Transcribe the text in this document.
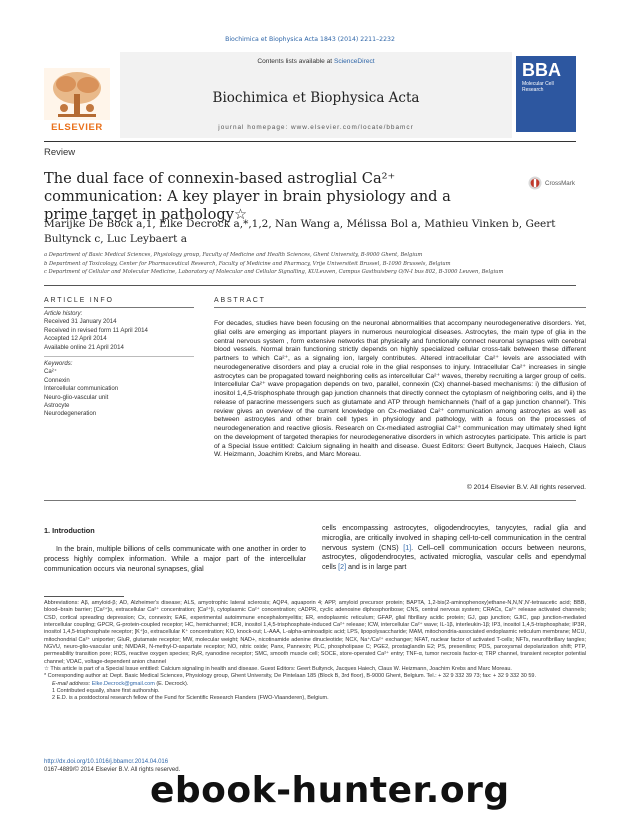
Biochimica et Biophysica Acta 1843 (2014) 2211–2232
Contents lists available at ScienceDirect
Biochimica et Biophysica Acta
journal homepage: www.elsevier.com/locate/bbamcr
ELSEVIER
BBA
Molecular Cell Research
Review
The dual face of connexin-based astroglial Ca²⁺ communication: A key player in brain physiology and a prime target in pathology☆
CrossMark
Marijke De Bock a,1, Elke Decrock a,*,1,2, Nan Wang a, Mélissa Bol a, Mathieu Vinken b, Geert Bultynck c, Luc Leybaert a
a Department of Basic Medical Sciences, Physiology group, Faculty of Medicine and Health Sciences, Ghent University, B-9000 Ghent, Belgium
b Department of Toxicology, Center for Pharmaceutical Research, Faculty of Medicine and Pharmacy, Vrije Universiteit Brussel, B-1090 Brussels, Belgium
c Department of Cellular and Molecular Medicine, Laboratory of Molecular and Cellular Signalling, KULeuven, Campus Gasthuisberg O/N-I bus 802, B-3000 Leuven, Belgium
ARTICLE INFO
Article history:
Received 31 January 2014
Received in revised form 11 April 2014
Accepted 12 April 2014
Available online 21 April 2014
Keywords:
Ca²⁺
Connexin
Intercellular communication
Neuro-glio-vascular unit
Astrocyte
Neurodegeneration
ABSTRACT
For decades, studies have been focusing on the neuronal abnormalities that accompany neurodegenerative disorders. Yet, glial cells are emerging as important players in numerous neurological diseases. Astrocytes, the main type of glia in the central nervous system , form extensive networks that physically and functionally connect neuronal synapses with cerebral blood vessels. Normal brain functioning strictly depends on highly specialized cellular cross-talk between these different partners to which Ca²⁺, as a signaling ion, largely contributes. Altered intracellular Ca²⁺ levels are associated with neurodegenerative disorders and play a crucial role in the glial responses to injury. Intracellular Ca²⁺ increases in single astrocytes can be propagated toward neighboring cells as intercellular Ca²⁺ waves, thereby recruiting a larger group of cells. Intercellular Ca²⁺ wave propagation depends on two, parallel, connexin (Cx) channel-based mechanisms: i) the diffusion of inositol 1,4,5-trisphosphate through gap junction channels that directly connect the cytoplasm of neighboring cells, and ii) the release of paracrine messengers such as glutamate and ATP through hemichannels ('half of a gap junction channel'). This review gives an overview of the current knowledge on Cx-mediated Ca²⁺ communication among astrocytes as well as between astrocytes and other brain cell types in physiology and pathology, with a focus on the processes of neurodegeneration and reactive gliosis. Research on Cx-mediated astroglial Ca²⁺ communication may ultimately shed light on the development of targeted therapies for neurodegenerative disorders in which astrocytes participate. This article is part of a Special Issue entitled: Calcium signaling in health and disease. Guest Editors: Geert Bultynck, Jacques Haiech, Claus W. Heizmann, Joachim Krebs, and Marc Moreau.
© 2014 Elsevier B.V. All rights reserved.
1. Introduction
In the brain, multiple billions of cells communicate with one another in order to process highly complex information. While a major part of the intercellular communication occurs via neuronal synapses, glial
cells encompassing astrocytes, oligodendrocytes, tanycytes, radial glia and microglia, are critically involved in shaping cell-to-cell communication in the central nervous system (CNS) [1]. Cell–cell communication occurs between neurons, astrocytes, oligodendrocytes, activated microglia, vascular cells and ependymal cells [2] and is in large part
Abbreviations: Aβ, amyloid-β; AD, Alzheimer's disease; ALS, amyotrophic lateral sclerosis; AQP4, aquaporin 4; APP, amyloid precursor protein; BAPTA, 1,2-bis(2-aminophenoxy)ethane-N,N,N',N'-tetraacetic acid; BBB, blood–brain barrier; [Ca²⁺]o, extracellular Ca²⁺ concentration; [Ca²⁺]i, cytoplasmic Ca²⁺ concentration; cADPR, cyclic adenosine diphosphoribose; CNS, central nervous system; CRACs, Ca²⁺ release activated channels; CSD, cortical spreading depression; Cx, connexin; EAE, experimental autoimmune encephalomyelitis; ER, endoplasmic reticulum; GFAP, glial fibrillary acidic protein; GJ, gap junction; GJIC, gap junction-mediated intercellular coupling; GPCR, G-protein-coupled receptor; HC, hemichannel; IICR, inositol 1,4,5-trisphosphate-induced Ca²⁺ release; ICW, intercellular Ca²⁺ wave; IL-1β, interleukin-1β; IP3, inositol 1,4,5-trisphosphate; IP3R, inositol 1,4,5-trisphosphate receptor; [K⁺]o, extracellular K⁺ concentration; KO, knock-out; L-AAA, L-alpha-aminoadipic acid; LPS, lipopolysaccharide; MAM, mitochondria-associated endoplasmic reticulum membrane; MCU, mitochondrial Ca²⁺ uniporter; GluR, glutamate receptor; MW, molecular weight; NAD+, nicotinamide adenine dinucleotide; NCX, Na⁺/Ca²⁺ exchanger; NFAT, nuclear factor of activated T-cells; NFTs, neurofibrillary tangles; NGVU, neuro-glio-vascular unit; NMDAR, N-methyl-D-aspartate receptor; NO, nitric oxide; Panx, Pannexin; PLC, phospholipase C; PGE2, prostaglandin E2; PS, presenilins; PDS, paroxysmal depolarization shift; PTP, permeability transition pore; ROS, reactive oxygen species; RyR, ryanodine receptor; SMC, smooth muscle cell; SOCE, store-operated Ca²⁺ entry; TNF-α, tumor necrosis factor-α; TRP channel, transient receptor potential channel; VDAC, voltage-dependent anion channel
☆ This article is part of a Special Issue entitled: Calcium signaling in health and disease. Guest Editors: Geert Bultynck, Jacques Haiech, Claus W. Heizmann, Joachim Krebs and Marc Moreau.
* Corresponding author at: Dept. Basic Medical Sciences, Physiology group, Ghent University, De Pintelaan 185 (Block B, 3rd floor), B-9000 Ghent, Belgium. Tel.: + 32 9 332 39 73; fax: + 32 9 332 30 59.
E-mail address: Elke.Decrock@gmail.com (E. Decrock).
1 Contributed equally, share first authorship.
2 E.D. is a postdoctoral research fellow of the Fund for Scientific Research Flanders (FWO-Vlaanderen), Belgium.
http://dx.doi.org/10.1016/j.bbamcr.2014.04.016
0167-4889/© 2014 Elsevier B.V. All rights reserved.
ebook-hunter.org
